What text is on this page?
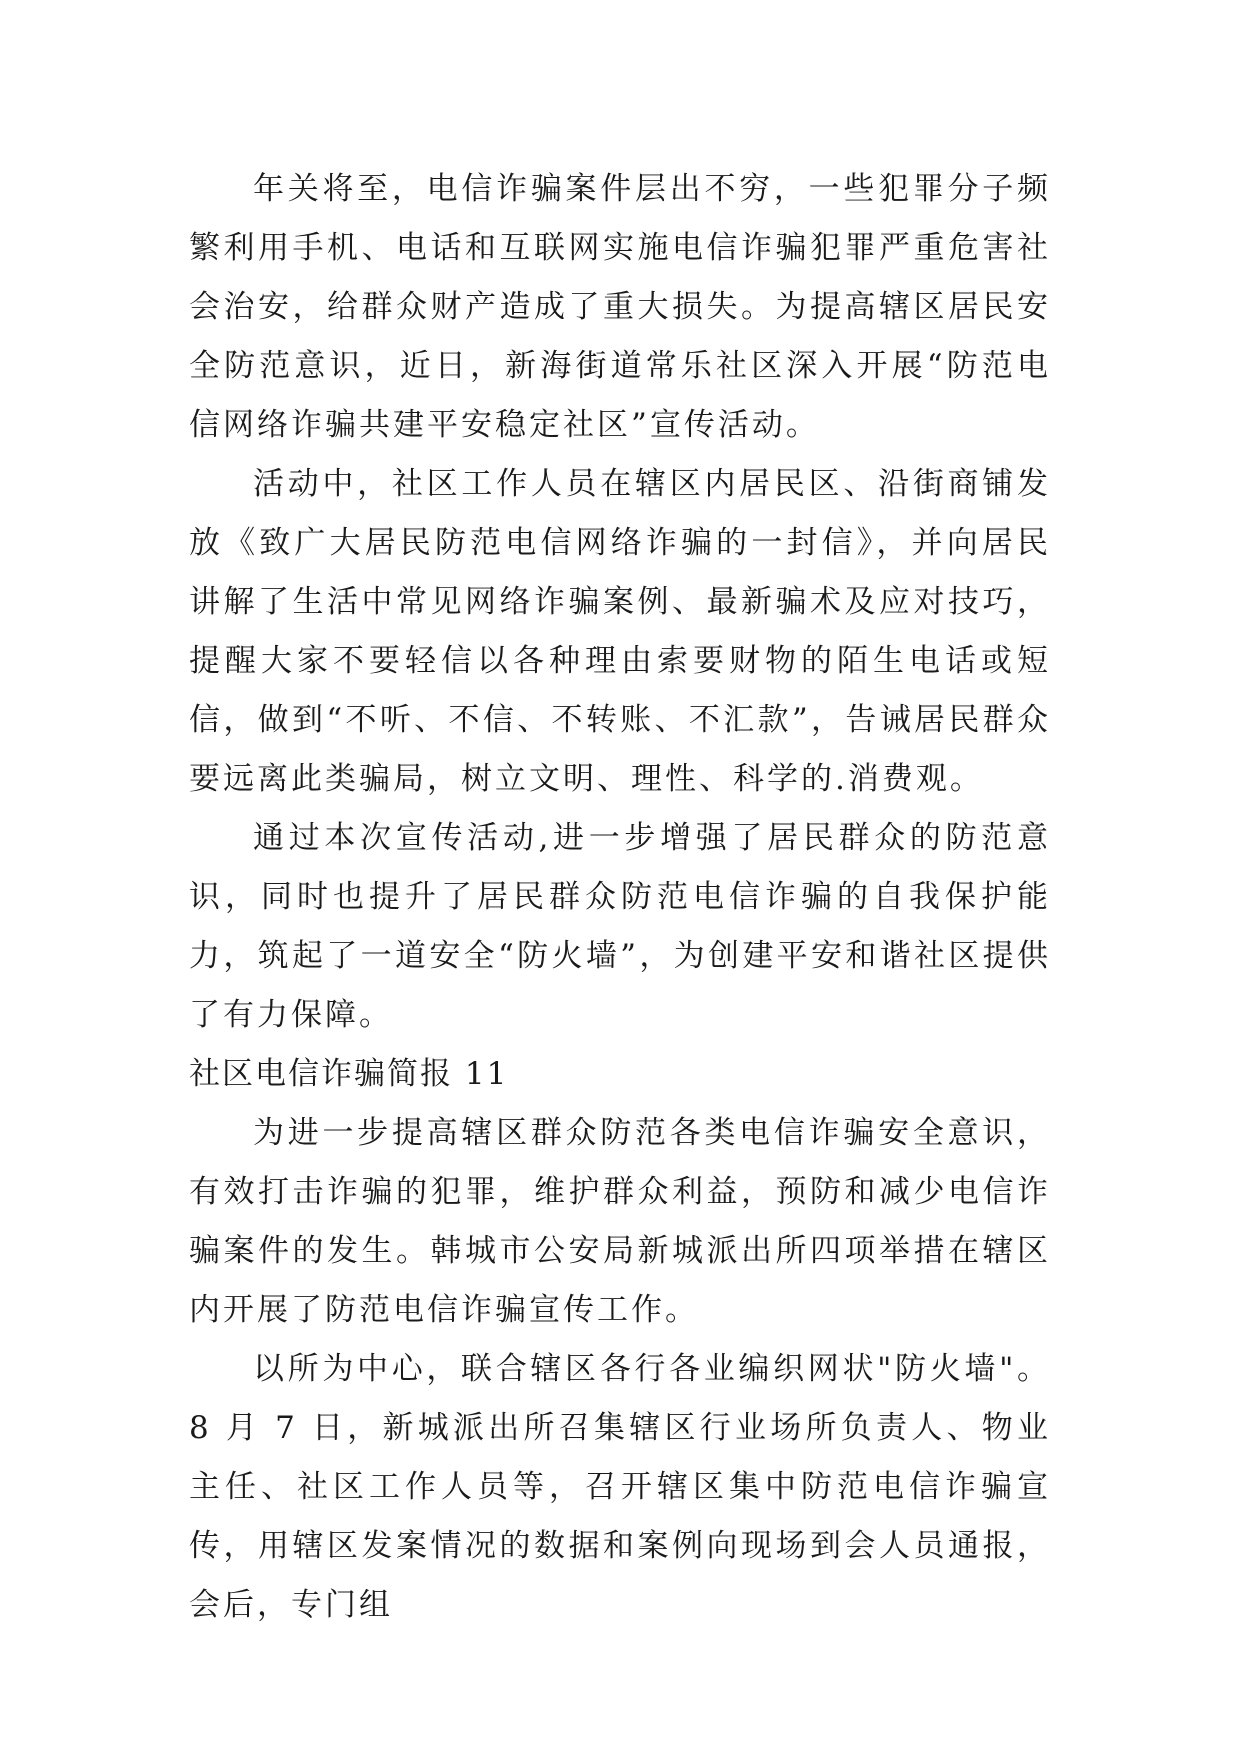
年关将至，电信诈骗案件层出不穷，一些犯罪分子频繁利用手机、电话和互联网实施电信诈骗犯罪严重危害社会治安，给群众财产造成了重大损失。为提高辖区居民安全防范意识，近日，新海街道常乐社区深入开展“防范电信网络诈骗共建平安稳定社区”宣传活动。

活动中，社区工作人员在辖区内居民区、沿街商铺发放《致广大居民防范电信网络诈骗的一封信》，并向居民讲解了生活中常见网络诈骗案例、最新骗术及应对技巧，提醒大家不要轻信以各种理由索要财物的陌生电话或短信，做到“不听、不信、不转账、不汇款”，告诫居民群众要远离此类骗局，树立文明、理性、科学的.消费观。

通过本次宣传活动,进一步增强了居民群众的防范意识，同时也提升了居民群众防范电信诈骗的自我保护能力，筑起了一道安全“防火墙”，为创建平安和谐社区提供了有力保障。

社区电信诈骗简报 11

为进一步提高辖区群众防范各类电信诈骗安全意识，有效打击诈骗的犯罪，维护群众利益，预防和减少电信诈骗案件的发生。韩城市公安局新城派出所四项举措在辖区内开展了防范电信诈骗宣传工作。

以所为中心，联合辖区各行各业编织网状"防火墙"。8 月 7 日，新城派出所召集辖区行业场所负责人、物业主任、社区工作人员等，召开辖区集中防范电信诈骗宣传，用辖区发案情况的数据和案例向现场到会人员通报，会后，专门组
